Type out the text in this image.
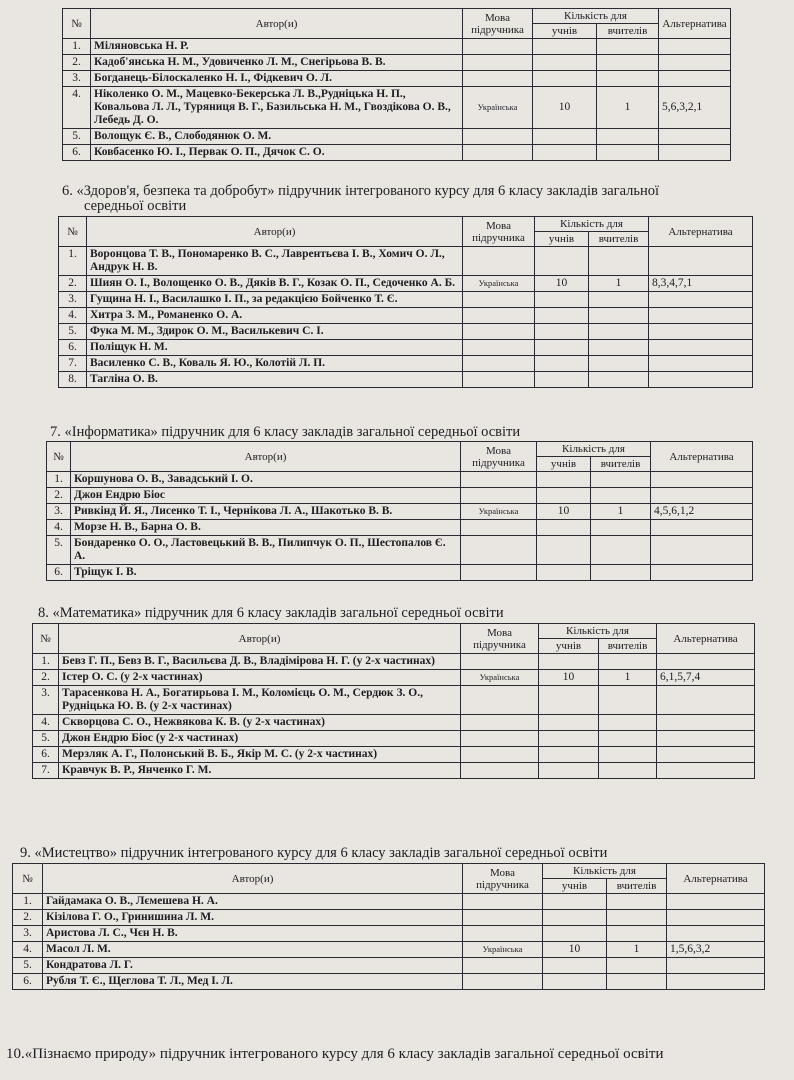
№	Автор(и)	Мова підручника	Кількість для		Альтернатива
			учнів	вчителів	
1.	Міляновська Н. Р.				
2.	Кадоб'янська Н. М., Удовиченко Л. М., Снегірьова В. В.				
3.	Богданець-Білоскаленко Н. І., Фідкевич О. Л.				
4.	Ніколенко О. М., Мацевко-Бекерська Л. В.,Рудніцька Н. П., Ковальова Л. Л., Туряниця В. Г., Базильська Н. М., Гвоздікова О. В., Лебедь Д. О.	Українська	10	1	5,6,3,2,1
5.	Волощук Є. В., Слободянюк О. М.				
6.	Ковбасенко Ю. І., Первак О. П., Дячок С. О.				
6. «Здоров'я, безпека та добробут» підручник інтегрованого курсу для 6 класу закладів загальної
середньої освіти
№	Автор(и)	Мова підручника	Кількість для		Альтернатива
			учнів	вчителів	
1.	Воронцова Т. В., Пономаренко В. С., Лаврентьєва І. В., Хомич О. Л., Андрук Н. В.				
2.	Шиян О. І., Волощенко О. В., Дяків В. Г., Козак О. П., Седоченко А. Б.	Українська	10	1	8,3,4,7,1
3.	Гущина Н. І., Василашко І. П., за редакцією Бойченко Т. Є.				
4.	Хитра З. М., Романенко О. А.				
5.	Фука М. М., Здирок О. М., Василькевич С. І.				
6.	Поліщук Н. М.				
7.	Василенко С. В., Коваль Я. Ю., Колотій Л. П.				
8.	Тагліна О. В.				
7. «Інформатика» підручник для 6 класу закладів загальної середньої освіти
№	Автор(и)	Мова підручника	Кількість для		Альтернатива
			учнів	вчителів	
1.	Коршунова О. В., Завадський І. О.				
2.	Джон Ендрю Біос				
3.	Ривкінд Й. Я., Лисенко Т. І., Чернікова Л. А., Шакотько В. В.	Українська	10	1	4,5,6,1,2
4.	Морзе Н. В., Барна О. В.				
5.	Бондаренко О. О., Ластовецький В. В., Пилипчук О. П., Шестопалов Є. А.				
6.	Тріщук І. В.				
8. «Математика» підручник для 6 класу закладів загальної середньої освіти
№	Автор(и)	Мова підручника	Кількість для		Альтернатива
			учнів	вчителів	
1.	Бевз Г. П., Бевз В. Г., Васильєва Д. В., Владімірова Н. Г. (у 2-х частинах)				
2.	Істер О. С. (у 2-х частинах)	Українська	10	1	6,1,5,7,4
3.	Тарасенкова Н. А., Богатирьова І. М., Коломієць О. М., Сердюк З. О., Рудніцька Ю. В. (у 2-х частинах)				
4.	Скворцова С. О., Нежвякова К. В. (у 2-х частинах)				
5.	Джон Ендрю Біос (у 2-х частинах)				
6.	Мерзляк А. Г., Полонський В. Б., Якір М. С. (у 2-х частинах)				
7.	Кравчук В. Р., Янченко Г. М.				
9. «Мистецтво» підручник інтегрованого курсу для 6 класу закладів загальної середньої освіти
№	Автор(и)	Мова підручника	Кількість для		Альтернатива
			учнів	вчителів	
1.	Гайдамака О. В., Лємешева Н. А.				
2.	Кізілова Г. О., Гринишина Л. М.				
3.	Аристова Л. С., Чєн Н. В.				
4.	Масол Л. М.	Українська	10	1	1,5,6,3,2
5.	Кондратова Л. Г.				
6.	Рубля Т. Є., Щеглова Т. Л., Мед І. Л.				
10.«Пізнаємо природу» підручник інтегрованого курсу для 6 класу закладів загальної середньої освіти
